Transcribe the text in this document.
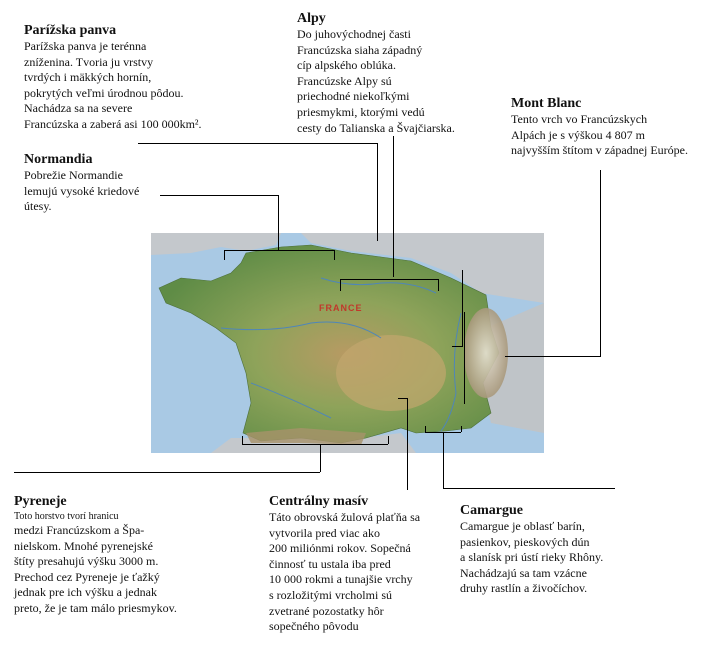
Parížska panva
Parížska panva je terénna
zníženina. Tvoria ju vrstvy
tvrdých i mäkkých hornín,
pokrytých veľmi úrodnou pôdou.
Nachádza sa na severe
Francúzska a zaberá asi 100 000km².
Alpy
Do juhovýchodnej časti
Francúzska siaha západný
cíp alpského oblúka.
Francúzske Alpy sú
priechodné niekoľkými
priesmykmi, ktorými vedú
cesty do Talianska a Švajčiarska.
Mont Blanc
Tento vrch vo Francúzskych
Alpách je s výškou 4 807 m
najvyšším štítom v západnej Európe.
Normandia
Pobrežie Normandie
lemujú vysoké kriedové
útesy.
Pyreneje
Toto horstvo tvorí hranicu
medzi Francúzskom a Špa-
nielskom. Mnohé pyrenejské
štíty presahujú výšku 3000 m.
Prechod cez Pyreneje je ťažký
jednak pre ich výšku a jednak
preto, že je tam málo priesmykov.
Centrálny masív
Táto obrovská žulová plaťňa sa
vytvorila pred viac ako
200 miliónmi rokov. Sopečná
činnosť tu ustala iba pred
10 000 rokmi a tunajšie vrchy
s rozložitými vrcholmi sú
zvetrané pozostatky hôr
sopečného pôvodu
Camargue
Camargue je oblasť barín,
pasienkov, pieskových dún
a slanísk pri ústí rieky Rhôny.
Nachádzajú sa tam vzácne
druhy rastlín a živočíchov.
FRANCE
